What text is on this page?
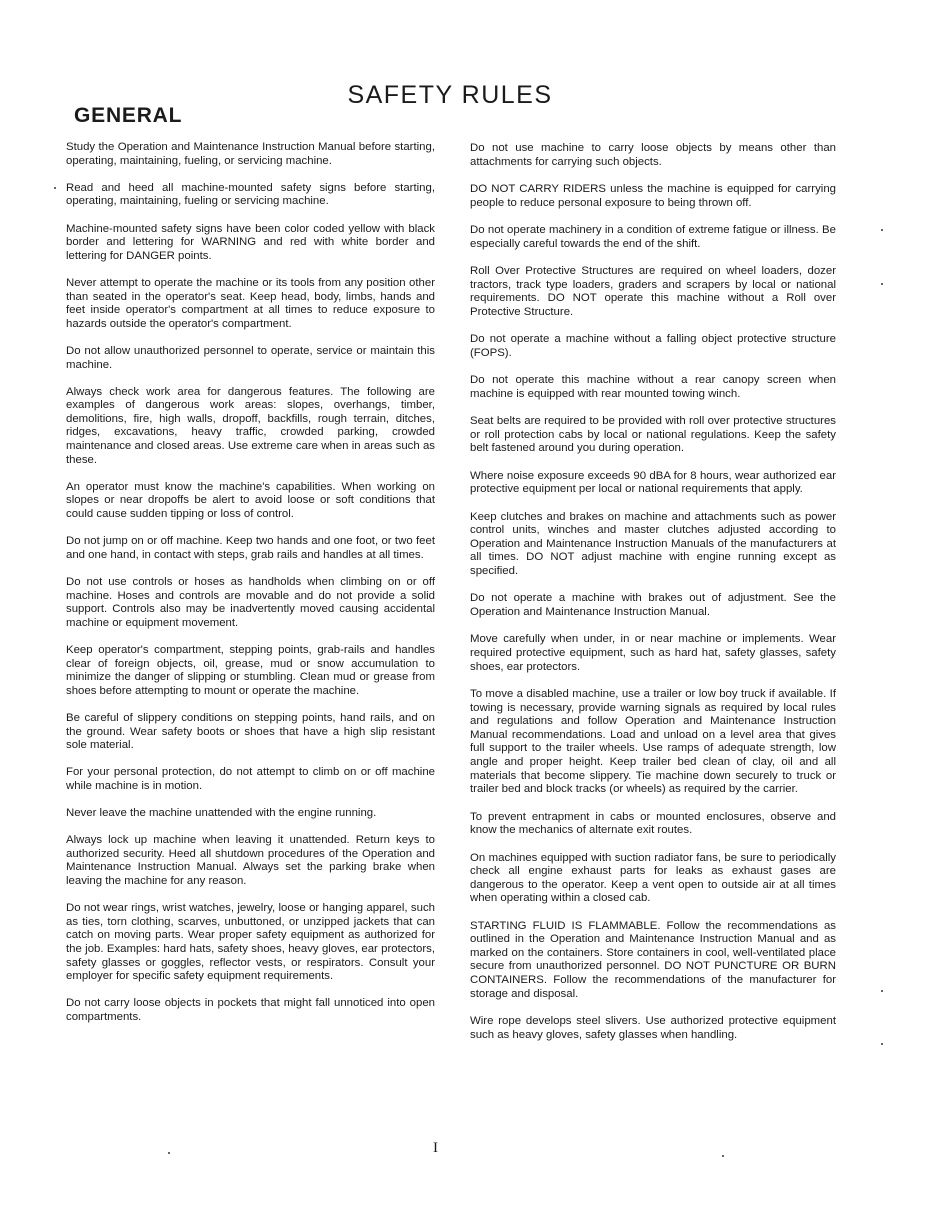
SAFETY RULES
GENERAL

Study the Operation and Maintenance Instruction Manual before starting, operating, maintaining, fueling, or servicing machine.

Read and heed all machine-mounted safety signs before starting, operating, maintaining, fueling or servicing machine.

Machine-mounted safety signs have been color coded yellow with black border and lettering for WARNING and red with white border and lettering for DANGER points.

Never attempt to operate the machine or its tools from any position other than seated in the operator's seat. Keep head, body, limbs, hands and feet inside operator's compartment at all times to reduce exposure to hazards outside the operator's compartment.

Do not allow unauthorized personnel to operate, service or maintain this machine.

Always check work area for dangerous features. The following are examples of dangerous work areas: slopes, overhangs, timber, demolitions, fire, high walls, dropoff, backfills, rough terrain, ditches, ridges, excavations, heavy traffic, crowded parking, crowded maintenance and closed areas. Use extreme care when in areas such as these.

An operator must know the machine's capabilities. When working on slopes or near dropoffs be alert to avoid loose or soft conditions that could cause sudden tipping or loss of control.

Do not jump on or off machine. Keep two hands and one foot, or two feet and one hand, in contact with steps, grab rails and handles at all times.

Do not use controls or hoses as handholds when climbing on or off machine. Hoses and controls are movable and do not provide a solid support. Controls also may be inadvertently moved causing accidental machine or equipment movement.

Keep operator's compartment, stepping points, grab-rails and handles clear of foreign objects, oil, grease, mud or snow accumulation to minimize the danger of slipping or stumbling. Clean mud or grease from shoes before attempting to mount or operate the machine.

Be careful of slippery conditions on stepping points, hand rails, and on the ground. Wear safety boots or shoes that have a high slip resistant sole material.

For your personal protection, do not attempt to climb on or off machine while machine is in motion.

Never leave the machine unattended with the engine running.

Always lock up machine when leaving it unattended. Return keys to authorized security. Heed all shutdown procedures of the Operation and Maintenance Instruction Manual. Always set the parking brake when leaving the machine for any reason.

Do not wear rings, wrist watches, jewelry, loose or hanging apparel, such as ties, torn clothing, scarves, unbuttoned, or unzipped jackets that can catch on moving parts. Wear proper safety equipment as authorized for the job. Examples: hard hats, safety shoes, heavy gloves, ear protectors, safety glasses or goggles, reflector vests, or respirators. Consult your employer for specific safety equipment requirements.

Do not carry loose objects in pockets that might fall unnoticed into open compartments.

Do not use machine to carry loose objects by means other than attachments for carrying such objects.

DO NOT CARRY RIDERS unless the machine is equipped for carrying people to reduce personal exposure to being thrown off.

Do not operate machinery in a condition of extreme fatigue or illness. Be especially careful towards the end of the shift.

Roll Over Protective Structures are required on wheel loaders, dozer tractors, track type loaders, graders and scrapers by local or national requirements. DO NOT operate this machine without a Roll over Protective Structure.

Do not operate a machine without a falling object protective structure (FOPS).

Do not operate this machine without a rear canopy screen when machine is equipped with rear mounted towing winch.

Seat belts are required to be provided with roll over protective structures or roll protection cabs by local or national regulations. Keep the safety belt fastened around you during operation.

Where noise exposure exceeds 90 dBA for 8 hours, wear authorized ear protective equipment per local or national requirements that apply.

Keep clutches and brakes on machine and attachments such as power control units, winches and master clutches adjusted according to Operation and Maintenance Instruction Manuals of the manufacturers at all times. DO NOT adjust machine with engine running except as specified.

Do not operate a machine with brakes out of adjustment. See the Operation and Maintenance Instruction Manual.

Move carefully when under, in or near machine or implements. Wear required protective equipment, such as hard hat, safety glasses, safety shoes, ear protectors.

To move a disabled machine, use a trailer or low boy truck if available. If towing is necessary, provide warning signals as required by local rules and regulations and follow Operation and Maintenance Instruction Manual recommendations. Load and unload on a level area that gives full support to the trailer wheels. Use ramps of adequate strength, low angle and proper height. Keep trailer bed clean of clay, oil and all materials that become slippery. Tie machine down securely to truck or trailer bed and block tracks (or wheels) as required by the carrier.

To prevent entrapment in cabs or mounted enclosures, observe and know the mechanics of alternate exit routes.

On machines equipped with suction radiator fans, be sure to periodically check all engine exhaust parts for leaks as exhaust gases are dangerous to the operator. Keep a vent open to outside air at all times when operating within a closed cab.

STARTING FLUID IS FLAMMABLE. Follow the recommendations as outlined in the Operation and Maintenance Instruction Manual and as marked on the containers. Store containers in cool, well-ventilated place secure from unauthorized personnel. DO NOT PUNCTURE OR BURN CONTAINERS. Follow the recommendations of the manufacturer for storage and disposal.

Wire rope develops steel slivers. Use authorized protective equipment such as heavy gloves, safety glasses when handling.

I
